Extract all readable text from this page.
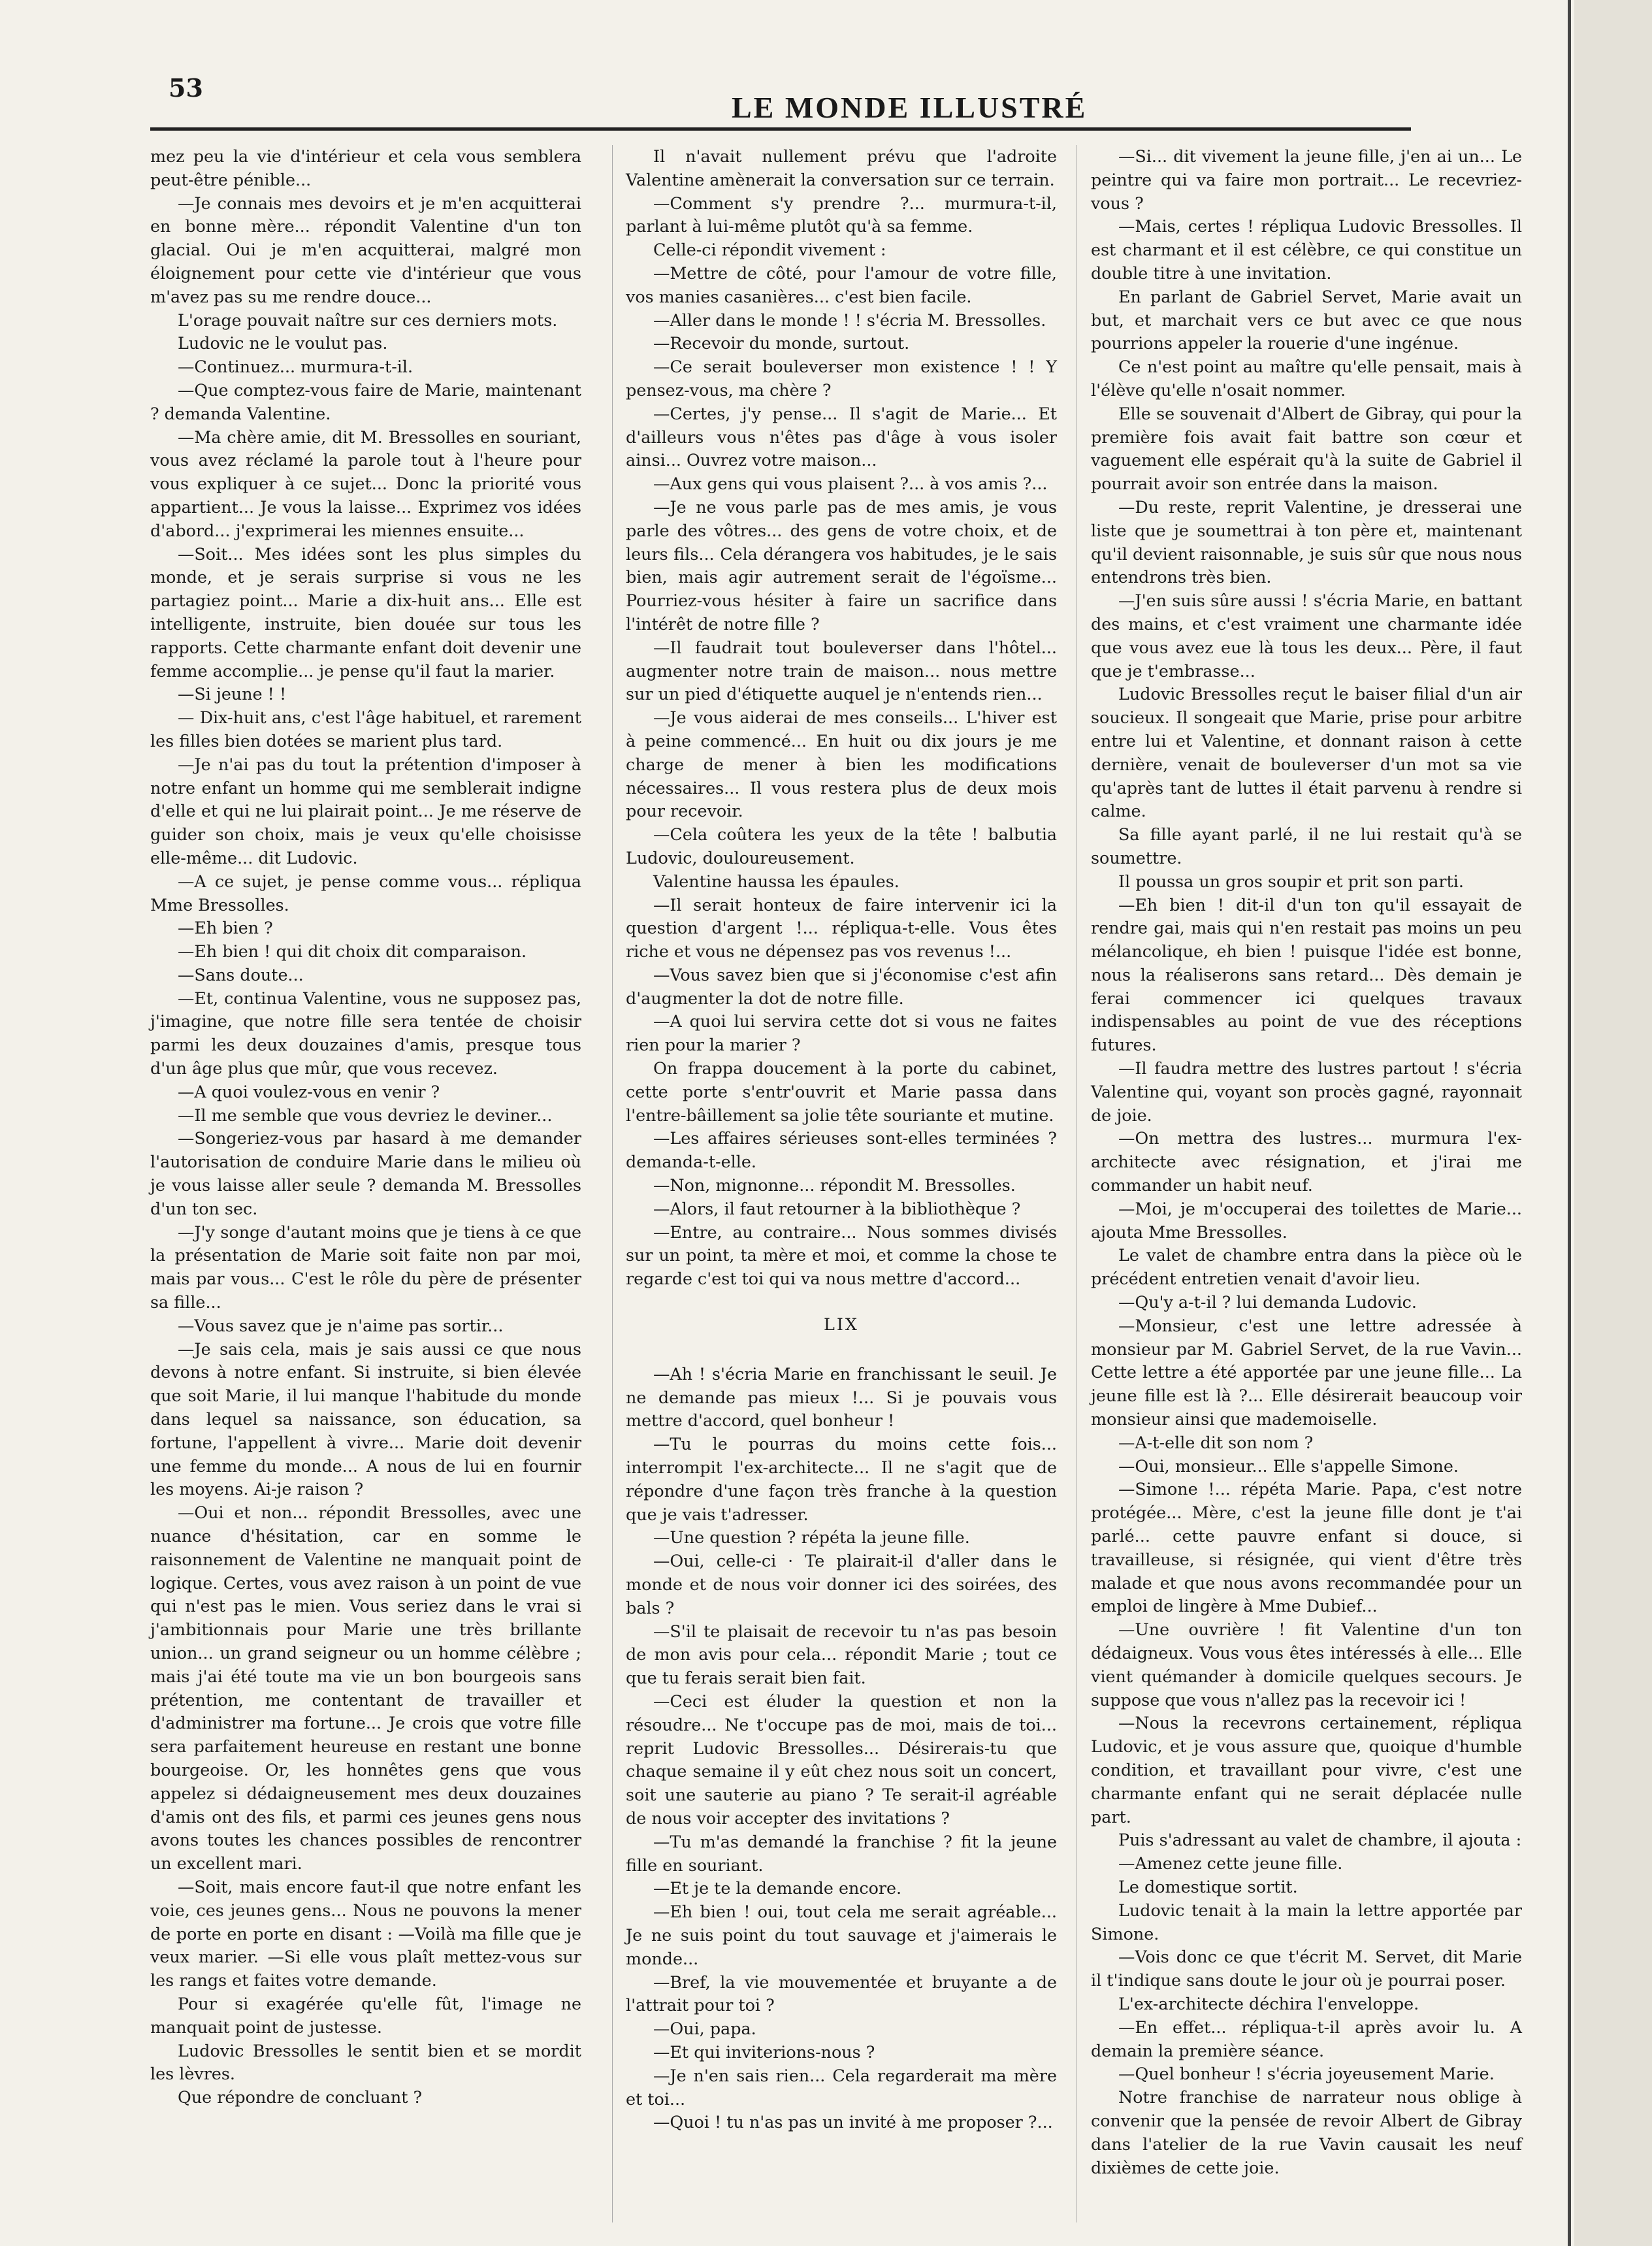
53
LE MONDE ILLUSTRÉ

mez peu la vie d'intérieur et cela vous semblera peut-être pénible...

—Je connais mes devoirs et je m'en acquitterai en bonne mère... répondit Valentine d'un ton glacial. Oui je m'en acquitterai, malgré mon éloignement pour cette vie d'intérieur que vous m'avez pas su me rendre douce...

L'orage pouvait naître sur ces derniers mots.

Ludovic ne le voulut pas.

—Continuez... murmura-t-il.

—Que comptez-vous faire de Marie, maintenant ? demanda Valentine.

—Ma chère amie, dit M. Bressolles en souriant, vous avez réclamé la parole tout à l'heure pour vous expliquer à ce sujet... Donc la priorité vous appartient... Je vous la laisse... Exprimez vos idées d'abord... j'exprimerai les miennes ensuite...

—Soit... Mes idées sont les plus simples du monde, et je serais surprise si vous ne les partagiez point... Marie a dix-huit ans... Elle est intelligente, instruite, bien douée sur tous les rapports. Cette charmante enfant doit devenir une femme accomplie... je pense qu'il faut la marier.

—Si jeune ! !

— Dix-huit ans, c'est l'âge habituel, et rarement les filles bien dotées se marient plus tard.

—Je n'ai pas du tout la prétention d'imposer à notre enfant un homme qui me semblerait indigne d'elle et qui ne lui plairait point... Je me réserve de guider son choix, mais je veux qu'elle choisisse elle-même... dit Ludovic.

—A ce sujet, je pense comme vous... répliqua Mme Bressolles.

—Eh bien ?

—Eh bien ! qui dit choix dit comparaison.

—Sans doute...

—Et, continua Valentine, vous ne supposez pas, j'imagine, que notre fille sera tentée de choisir parmi les deux douzaines d'amis, presque tous d'un âge plus que mûr, que vous recevez.

—A quoi voulez-vous en venir ?

—Il me semble que vous devriez le deviner...

—Songeriez-vous par hasard à me demander l'autorisation de conduire Marie dans le milieu où je vous laisse aller seule ? demanda M. Bressolles d'un ton sec.

—J'y songe d'autant moins que je tiens à ce que la présentation de Marie soit faite non par moi, mais par vous... C'est le rôle du père de présenter sa fille...

—Vous savez que je n'aime pas sortir...

—Je sais cela, mais je sais aussi ce que nous devons à notre enfant. Si instruite, si bien élevée que soit Marie, il lui manque l'habitude du monde dans lequel sa naissance, son éducation, sa fortune, l'appellent à vivre... Marie doit devenir une femme du monde... A nous de lui en fournir les moyens. Ai-je raison ?

—Oui et non... répondit Bressolles, avec une nuance d'hésitation, car en somme le raisonnement de Valentine ne manquait point de logique. Certes, vous avez raison à un point de vue qui n'est pas le mien. Vous seriez dans le vrai si j'ambitionnais pour Marie une très brillante union... un grand seigneur ou un homme célèbre ; mais j'ai été toute ma vie un bon bourgeois sans prétention, me contentant de travailler et d'administrer ma fortune... Je crois que votre fille sera parfaitement heureuse en restant une bonne bourgeoise. Or, les honnêtes gens que vous appelez si dédaigneusement mes deux douzaines d'amis ont des fils, et parmi ces jeunes gens nous avons toutes les chances possibles de rencontrer un excellent mari.

—Soit, mais encore faut-il que notre enfant les voie, ces jeunes gens... Nous ne pouvons la mener de porte en porte en disant : —Voilà ma fille que je veux marier. —Si elle vous plaît mettez-vous sur les rangs et faites votre demande.

Pour si exagérée qu'elle fût, l'image ne manquait point de justesse.

Ludovic Bressolles le sentit bien et se mordit les lèvres.

Que répondre de concluant ?

Il n'avait nullement prévu que l'adroite Valentine amènerait la conversation sur ce terrain.

—Comment s'y prendre ?... murmura-t-il, parlant à lui-même plutôt qu'à sa femme.

Celle-ci répondit vivement :

—Mettre de côté, pour l'amour de votre fille, vos manies casanières... c'est bien facile.

—Aller dans le monde ! ! s'écria M. Bressolles.

—Recevoir du monde, surtout.

—Ce serait bouleverser mon existence ! ! Y pensez-vous, ma chère ?

—Certes, j'y pense... Il s'agit de Marie... Et d'ailleurs vous n'êtes pas d'âge à vous isoler ainsi... Ouvrez votre maison...

—Aux gens qui vous plaisent ?... à vos amis ?...

—Je ne vous parle pas de mes amis, je vous parle des vôtres... des gens de votre choix, et de leurs fils... Cela dérangera vos habitudes, je le sais bien, mais agir autrement serait de l'égoïsme... Pourriez-vous hésiter à faire un sacrifice dans l'intérêt de notre fille ?

—Il faudrait tout bouleverser dans l'hôtel... augmenter notre train de maison... nous mettre sur un pied d'étiquette auquel je n'entends rien...

—Je vous aiderai de mes conseils... L'hiver est à peine commencé... En huit ou dix jours je me charge de mener à bien les modifications nécessaires... Il vous restera plus de deux mois pour recevoir.

—Cela coûtera les yeux de la tête ! balbutia Ludovic, douloureusement.

Valentine haussa les épaules.

—Il serait honteux de faire intervenir ici la question d'argent !... répliqua-t-elle. Vous êtes riche et vous ne dépensez pas vos revenus !...

—Vous savez bien que si j'économise c'est afin d'augmenter la dot de notre fille.

—A quoi lui servira cette dot si vous ne faites rien pour la marier ?

On frappa doucement à la porte du cabinet, cette porte s'entr'ouvrit et Marie passa dans l'entre-bâillement sa jolie tête souriante et mutine.

—Les affaires sérieuses sont-elles terminées ? demanda-t-elle.

—Non, mignonne... répondit M. Bressolles.

—Alors, il faut retourner à la bibliothèque ?

—Entre, au contraire... Nous sommes divisés sur un point, ta mère et moi, et comme la chose te regarde c'est toi qui va nous mettre d'accord...

LIX

—Ah ! s'écria Marie en franchissant le seuil. Je ne demande pas mieux !... Si je pouvais vous mettre d'accord, quel bonheur !

—Tu le pourras du moins cette fois... interrompit l'ex-architecte... Il ne s'agit que de répondre d'une façon très franche à la question que je vais t'adresser.

—Une question ? répéta la jeune fille.

—Oui, celle-ci · Te plairait-il d'aller dans le monde et de nous voir donner ici des soirées, des bals ?

—S'il te plaisait de recevoir tu n'as pas besoin de mon avis pour cela... répondit Marie ; tout ce que tu ferais serait bien fait.

—Ceci est éluder la question et non la résoudre... Ne t'occupe pas de moi, mais de toi... reprit Ludovic Bressolles... Désirerais-tu que chaque semaine il y eût chez nous soit un concert, soit une sauterie au piano ? Te serait-il agréable de nous voir accepter des invitations ?

—Tu m'as demandé la franchise ? fit la jeune fille en souriant.

—Et je te la demande encore.

—Eh bien ! oui, tout cela me serait agréable... Je ne suis point du tout sauvage et j'aimerais le monde...

—Bref, la vie mouvementée et bruyante a de l'attrait pour toi ?

—Oui, papa.

—Et qui inviterions-nous ?

—Je n'en sais rien... Cela regarderait ma mère et toi...

—Quoi ! tu n'as pas un invité à me proposer ?...

—Si... dit vivement la jeune fille, j'en ai un... Le peintre qui va faire mon portrait... Le recevriez-vous ?

—Mais, certes ! répliqua Ludovic Bressolles. Il est charmant et il est célèbre, ce qui constitue un double titre à une invitation.

En parlant de Gabriel Servet, Marie avait un but, et marchait vers ce but avec ce que nous pourrions appeler la rouerie d'une ingénue.

Ce n'est point au maître qu'elle pensait, mais à l'élève qu'elle n'osait nommer.

Elle se souvenait d'Albert de Gibray, qui pour la première fois avait fait battre son cœur et vaguement elle espérait qu'à la suite de Gabriel il pourrait avoir son entrée dans la maison.

—Du reste, reprit Valentine, je dresserai une liste que je soumettrai à ton père et, maintenant qu'il devient raisonnable, je suis sûr que nous nous entendrons très bien.

—J'en suis sûre aussi ! s'écria Marie, en battant des mains, et c'est vraiment une charmante idée que vous avez eue là tous les deux... Père, il faut que je t'embrasse...

Ludovic Bressolles reçut le baiser filial d'un air soucieux. Il songeait que Marie, prise pour arbitre entre lui et Valentine, et donnant raison à cette dernière, venait de bouleverser d'un mot sa vie qu'après tant de luttes il était parvenu à rendre si calme.

Sa fille ayant parlé, il ne lui restait qu'à se soumettre.

Il poussa un gros soupir et prit son parti.

—Eh bien ! dit-il d'un ton qu'il essayait de rendre gai, mais qui n'en restait pas moins un peu mélancolique, eh bien ! puisque l'idée est bonne, nous la réaliserons sans retard... Dès demain je ferai commencer ici quelques travaux indispensables au point de vue des réceptions futures.

—Il faudra mettre des lustres partout ! s'écria Valentine qui, voyant son procès gagné, rayonnait de joie.

—On mettra des lustres... murmura l'ex-architecte avec résignation, et j'irai me commander un habit neuf.

—Moi, je m'occuperai des toilettes de Marie... ajouta Mme Bressolles.

Le valet de chambre entra dans la pièce où le précédent entretien venait d'avoir lieu.

—Qu'y a-t-il ? lui demanda Ludovic.

—Monsieur, c'est une lettre adressée à monsieur par M. Gabriel Servet, de la rue Vavin... Cette lettre a été apportée par une jeune fille... La jeune fille est là ?... Elle désirerait beaucoup voir monsieur ainsi que mademoiselle.

—A-t-elle dit son nom ?

—Oui, monsieur... Elle s'appelle Simone.

—Simone !... répéta Marie. Papa, c'est notre protégée... Mère, c'est la jeune fille dont je t'ai parlé... cette pauvre enfant si douce, si travailleuse, si résignée, qui vient d'être très malade et que nous avons recommandée pour un emploi de lingère à Mme Dubief...

—Une ouvrière ! fit Valentine d'un ton dédaigneux. Vous vous êtes intéressés à elle... Elle vient quémander à domicile quelques secours. Je suppose que vous n'allez pas la recevoir ici !

—Nous la recevrons certainement, répliqua Ludovic, et je vous assure que, quoique d'humble condition, et travaillant pour vivre, c'est une charmante enfant qui ne serait déplacée nulle part.

Puis s'adressant au valet de chambre, il ajouta :

—Amenez cette jeune fille.

Le domestique sortit.

Ludovic tenait à la main la lettre apportée par Simone.

—Vois donc ce que t'écrit M. Servet, dit Marie il t'indique sans doute le jour où je pourrai poser.

L'ex-architecte déchira l'enveloppe.

—En effet... répliqua-t-il après avoir lu. A demain la première séance.

—Quel bonheur ! s'écria joyeusement Marie.

Notre franchise de narrateur nous oblige à convenir que la pensée de revoir Albert de Gibray dans l'atelier de la rue Vavin causait les neuf dixièmes de cette joie.
